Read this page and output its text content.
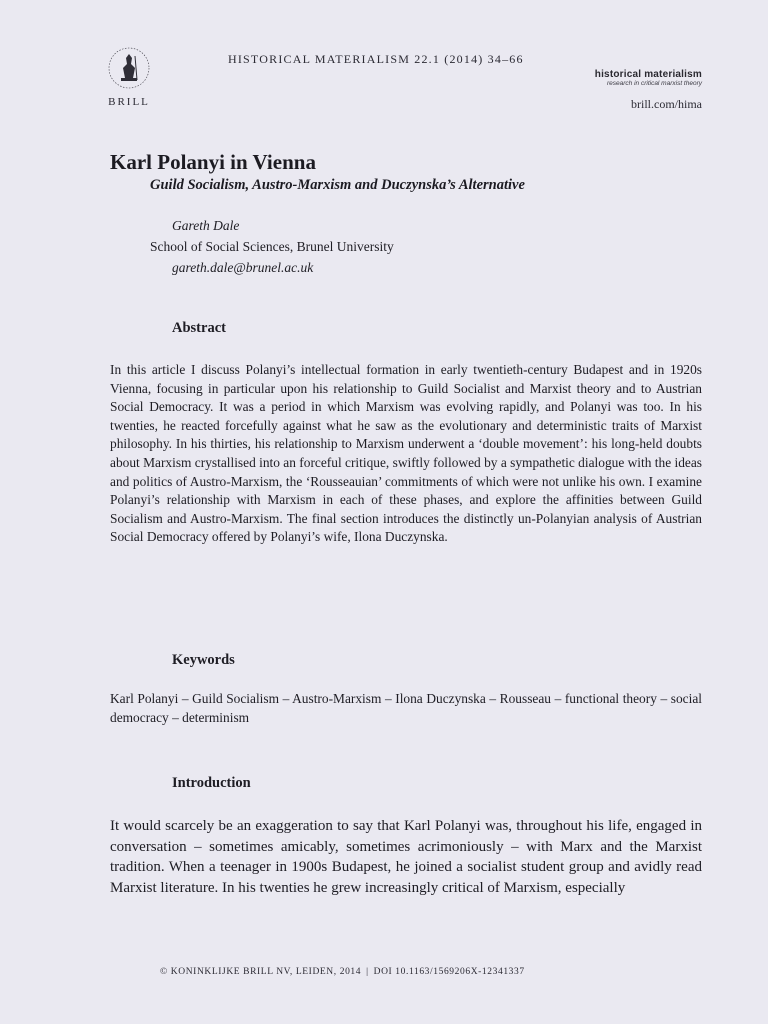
BRILL
HISTORICAL MATERIALISM 22.1 (2014) 34–66
historical materialism
research in critical marxist theory
brill.com/hima
Karl Polanyi in Vienna
Guild Socialism, Austro-Marxism and Duczynska’s Alternative
Gareth Dale
School of Social Sciences, Brunel University
gareth.dale@brunel.ac.uk
Abstract

In this article I discuss Polanyi’s intellectual formation in early twentieth-century Budapest and in 1920s Vienna, focusing in particular upon his relationship to Guild Socialist and Marxist theory and to Austrian Social Democracy. It was a period in which Marxism was evolving rapidly, and Polanyi was too. In his twenties, he reacted forcefully against what he saw as the evolutionary and deterministic traits of Marxist philosophy. In his thirties, his relationship to Marxism underwent a ‘double movement’: his long-held doubts about Marxism crystallised into an forceful critique, swiftly followed by a sympathetic dialogue with the ideas and politics of Austro-Marxism, the ‘Rousseauian’ commitments of which were not unlike his own. I examine Polanyi’s relationship with Marxism in each of these phases, and explore the affinities between Guild Socialism and Austro-Marxism. The final section introduces the distinctly un-Polanyian analysis of Austrian Social Democracy offered by Polanyi’s wife, Ilona Duczynska.

Keywords

Karl Polanyi – Guild Socialism – Austro-Marxism – Ilona Duczynska – Rousseau – functional theory – social democracy – determinism

Introduction

It would scarcely be an exaggeration to say that Karl Polanyi was, throughout his life, engaged in conversation – sometimes amicably, sometimes acrimoniously – with Marx and the Marxist tradition. When a teenager in 1900s Budapest, he joined a socialist student group and avidly read Marxist literature. In his twenties he grew increasingly critical of Marxism, especially

© KONINKLIJKE BRILL NV, LEIDEN, 2014 | DOI 10.1163/1569206X-12341337
